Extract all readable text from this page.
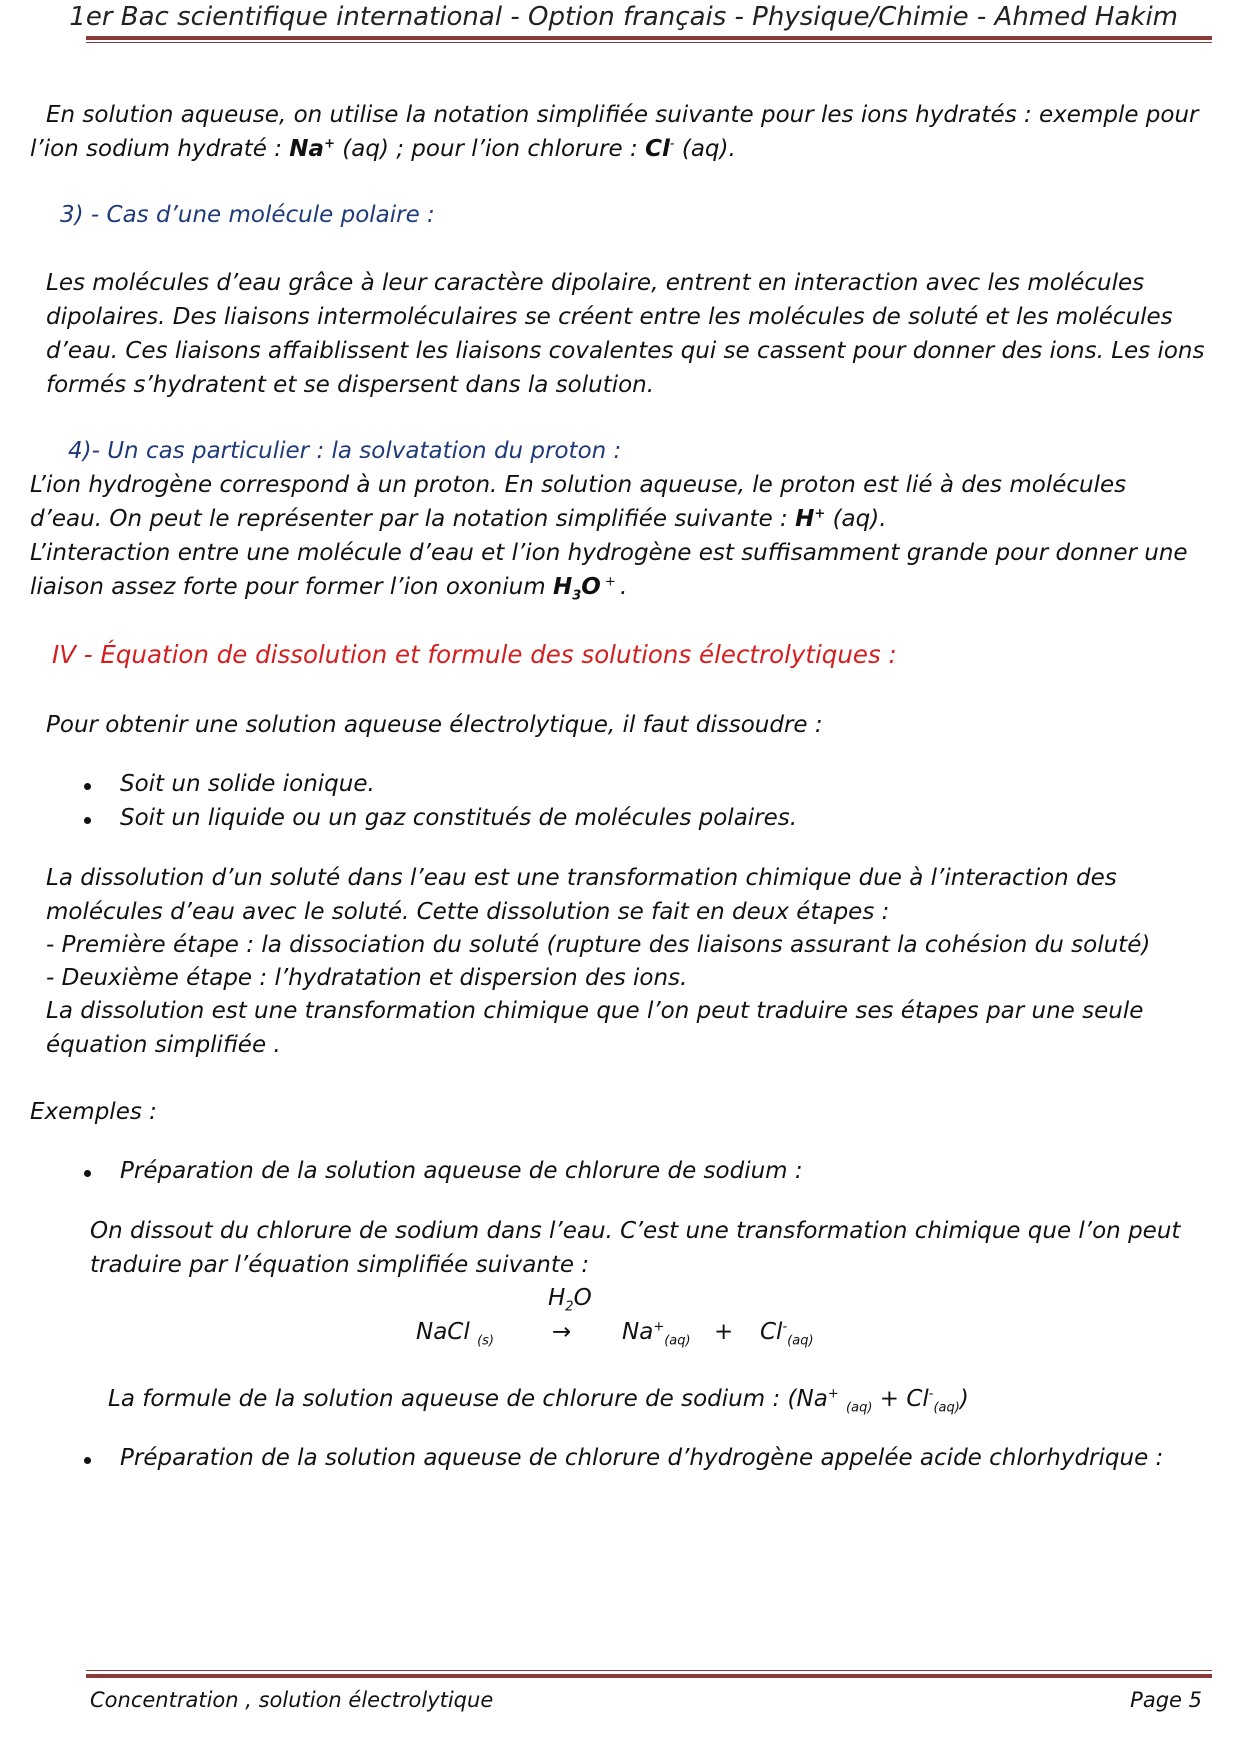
1er Bac scientifique international - Option français - Physique/Chimie - Ahmed Hakim
En solution aqueuse, on utilise la notation simplifiée suivante pour les ions hydratés : exemple pour
l’ion sodium hydraté : Na+ (aq) ; pour l’ion chlorure : Cl- (aq).
3) - Cas d’une molécule polaire :
Les molécules d’eau grâce à leur caractère dipolaire, entrent en interaction avec les molécules
dipolaires. Des liaisons intermoléculaires se créent entre les molécules de soluté et les molécules
d’eau. Ces liaisons affaiblissent les liaisons covalentes qui se cassent pour donner des ions. Les ions
formés s’hydratent et se dispersent dans la solution.
4)- Un cas particulier : la solvatation du proton :
L’ion hydrogène correspond à un proton. En solution aqueuse, le proton est lié à des molécules
d’eau. On peut le représenter par la notation simplifiée suivante : H+ (aq).
L’interaction entre une molécule d’eau et l’ion hydrogène est suffisamment grande pour donner une
liaison assez forte pour former l’ion oxonium $H_3O$ + .
IV - Équation de dissolution et formule des solutions électrolytiques :
Pour obtenir une solution aqueuse électrolytique, il faut dissoudre :
Soit un solide ionique.
Soit un liquide ou un gaz constitués de molécules polaires.
La dissolution d’un soluté dans l’eau est une transformation chimique due à l’interaction des
molécules d’eau avec le soluté. Cette dissolution se fait en deux étapes :
- Première étape : la dissociation du soluté (rupture des liaisons assurant la cohésion du soluté)
- Deuxième étape : l’hydratation et dispersion des ions.
La dissolution est une transformation chimique que l’on peut traduire ses étapes par une seule
équation simplifiée .
Exemples :
Préparation de la solution aqueuse de chlorure de sodium :
On dissout du chlorure de sodium dans l’eau. C’est une transformation chimique que l’on peut
traduire par l’équation simplifiée suivante :
$H_2O$
NaCl $_{(s)}$	→ $Na^+_{(aq)} + Cl^-_{(aq)}$
La formule de la solution aqueuse de chlorure de sodium : (Na+ $_{(aq)} + Cl^-_{(aq)}$)
Préparation de la solution aqueuse de chlorure d’hydrogène appelée acide chlorhydrique :
Concentration , solution électrolytique	Page 5
